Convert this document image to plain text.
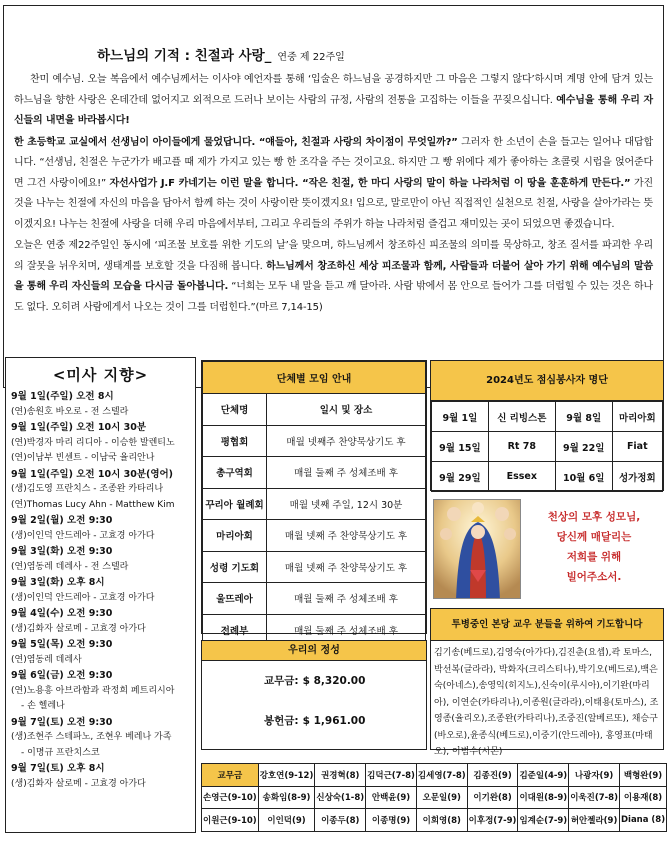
하느님의 기적 : 친절과 사랑_ 연중 제 22주일

찬미 예수님. 오늘 복음에서 예수님께서는 이사야 예언자를 통해 ‘입술은 하느님을 공경하지만 그 마음은 그렇지 않다’하시며 계명 안에 담겨 있는 하느님을 향한 사랑은 온데간데 없어지고 외적으로 드러나 보이는 사람의 규정, 사람의 전통을 고집하는 이들을 꾸짖으십니다. 예수님을 통해 우리 자신들의 내면을 바라봅시다!

한 초등학교 교실에서 선생님이 아이들에게 물었답니다. “얘들아, 친절과 사랑의 차이점이 무엇일까?” 그러자 한 소년이 손을 들고는 일어나 대답합니다. “선생님, 친절은 누군가가 배고플 때 제가 가지고 있는 빵 한 조각을 주는 것이고요. 하지만 그 빵 위에다 제가 좋아하는 초콜릿 시럽을 얹어준다면 그건 사랑이에요!” 자선사업가 J.F 카네기는 이런 말을 합니다. “작은 친절, 한 마디 사랑의 말이 하늘 나라처럼 이 땅을 훈훈하게 만든다.” 가진 것을 나누는 친절에 자신의 마음을 담아서 함께 하는 것이 사랑이란 뜻이겠지요! 입으로, 말로만이 아닌 직접적인 실천으로 친절, 사랑을 살아가라는 뜻이겠지요! 나누는 친절에 사랑을 더해 우리 마음에서부터, 그리고 우리들의 주위가 하늘 나라처럼 즐겁고 재미있는 곳이 되었으면 좋겠습니다.

오늘은 연중 제22주일인 동시에 ‘피조물 보호를 위한 기도의 날’을 맞으며, 하느님께서 창조하신 피조물의 의미를 묵상하고, 창조 질서를 파괴한 우리의 잘못을 뉘우치며, 생태계를 보호할 것을 다짐해 봅니다. 하느님께서 창조하신 세상 피조물과 함께, 사람들과 더불어 살아 가기 위해 예수님의 말씀을 통해 우리 자신들의 모습을 다시금 돌아봅니다. “너희는 모두 내 말을 듣고 깨 달아라. 사람 밖에서 몸 안으로 들어가 그를 더럽힐 수 있는 것은 하나도 없다. 오히려 사람에게서 나오는 것이 그를 더럽힌다.”(마르 7,14-15)

<미사 지향>
9월 1일(주일) 오전 8시
(연)송원호 바오로 - 전 스텔라
9월 1일(주일) 오전 10시 30분
(연)박경자 마리 리디아 - 이승한 발렌티노
(연)이남부 빈센트 - 이남국 율리안나
9월 1일(주일) 오전 10시 30분(영어)
(생)김도영 프란치스 - 조종완 카타리나
(연)Thomas Lucy Ahn - Matthew Kim
9월 2일(월) 오전 9:30
(생)이인덕 안드레아 - 고효경 아가다
9월 3일(화) 오전 9:30
(연)염동레 데레사 - 전 스텔라
9월 3일(화) 오후 8시
(생)이인덕 안드레아 - 고효경 아가다
9월 4일(수) 오전 9:30
(생)김화자 살로메 - 고효경 아가다
9월 5일(목) 오전 9:30
(연)염동레 데레사
9월 6일(금) 오전 9:30
(연)노용흥 아브라함과 곽정희 페트리시아
- 손 헬레나
9월 7일(토) 오전 9:30
(생)조현주 스테파노, 조현우 베레나 가족
- 이명규 프란치스코
9월 7일(토) 오후 8시
(생)김화자 살로메 - 고효경 아가다
단체별 모임 안내	
단체명	일시 및 장소
평협회	매월 넷째주 찬양묵상기도 후
총구역회	매월 둘째 주 성체조배 후
꾸리아 월례회	매월 넷째 주일, 12시 30분
마리아회	매월 넷째 주 찬양묵상기도 후
성령 기도회	매월 넷째 주 찬양묵상기도 후
울뜨레아	매월 둘째 주 성체조배 후
전례부	매월 둘째 주 성체조배 후
우리의 정성
교무금: $ 8,320.00
봉헌금: $ 1,961.00
2024년도 점심봉사자 명단
9월 1일	신 리빙스톤	9월 8일	마리아회
9월 15일	Rt 78	9월 22일	Fiat
9월 29일	Essex	10월 6일	성가정회
천상의 모후 성모님,
당신께 매달리는
저희를 위해
빌어주소서.
투병중인 본당 교우 분들을 위하여 기도합니다
김기송(베드로),김영숙(아가다),김진춘(요셉),곽 토마스, 박선복(글라라), 박화자(크리스티나),박기오(베드로),백은숙(아네스),송영익(히지노),신숙이(루시아),이기완(마리아), 이연순(카타리나),이종원(글라라),이태용(토마스), 조영종(율리오),조종완(카타리나),조중진(알베르또), 채승구(바오로),윤종식(베드로),이중기(안드레아), 홍영표(마태오), 이범수(시몬)
교무금	강호연(9-12)	권경혁(8)	김덕근(7-8)	김세영(7-8)	김종진(9)	김준일(4-9)	나광자(9)	백형완(9)
손영근(9-10)	송화임(8-9)	신상숙(1-8)	안백윤(9)	오문일(9)	이기완(8)	이대원(8-9)	이욱진(7-8)	이용재(8)
이원근(9-10)	이인덕(9)	이종두(8)	이종명(9)	이회영(8)	이후정(7-9)	임계순(7-9)	허안젤라(9)	Diana (8)
